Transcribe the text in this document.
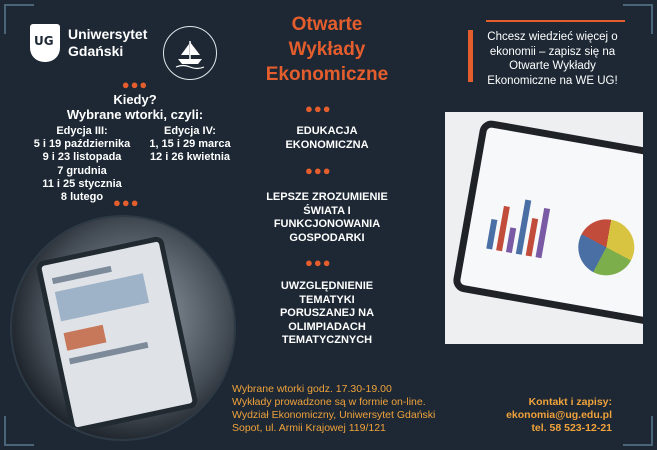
UG
Uniwersytet Gdański
●●●
Kiedy?
Wybrane wtorki, czyli:
Edycja III:
5 i 19 października
9 i 23 listopada
7 grudnia
11 i 25 stycznia
8 lutego
Edycja IV:
1, 15 i 29 marca
12 i 26 kwietnia
●●●
Otwarte
Wykłady
Ekonomiczne
●●●
EDUKACJA EKONOMICZNA
●●●
LEPSZE ZROZUMIENIE ŚWIATA I FUNKCJONOWANIA GOSPODARKI
●●●
UWZGLĘDNIENIE TEMATYKI PORUSZANEJ NA OLIMPIADACH TEMATYCZNYCH
Chcesz wiedzieć więcej o ekonomii – zapisz się na Otwarte Wykłady Ekonomiczne na WE UG!
Wybrane wtorki godz. 17.30-19.00
Wykłady prowadzone są w formie on-line.
Wydział Ekonomiczny, Uniwersytet Gdański
Sopot, ul. Armii Krajowej 119/121
Kontakt i zapisy:
ekonomia@ug.edu.pl
tel. 58 523-12-21
